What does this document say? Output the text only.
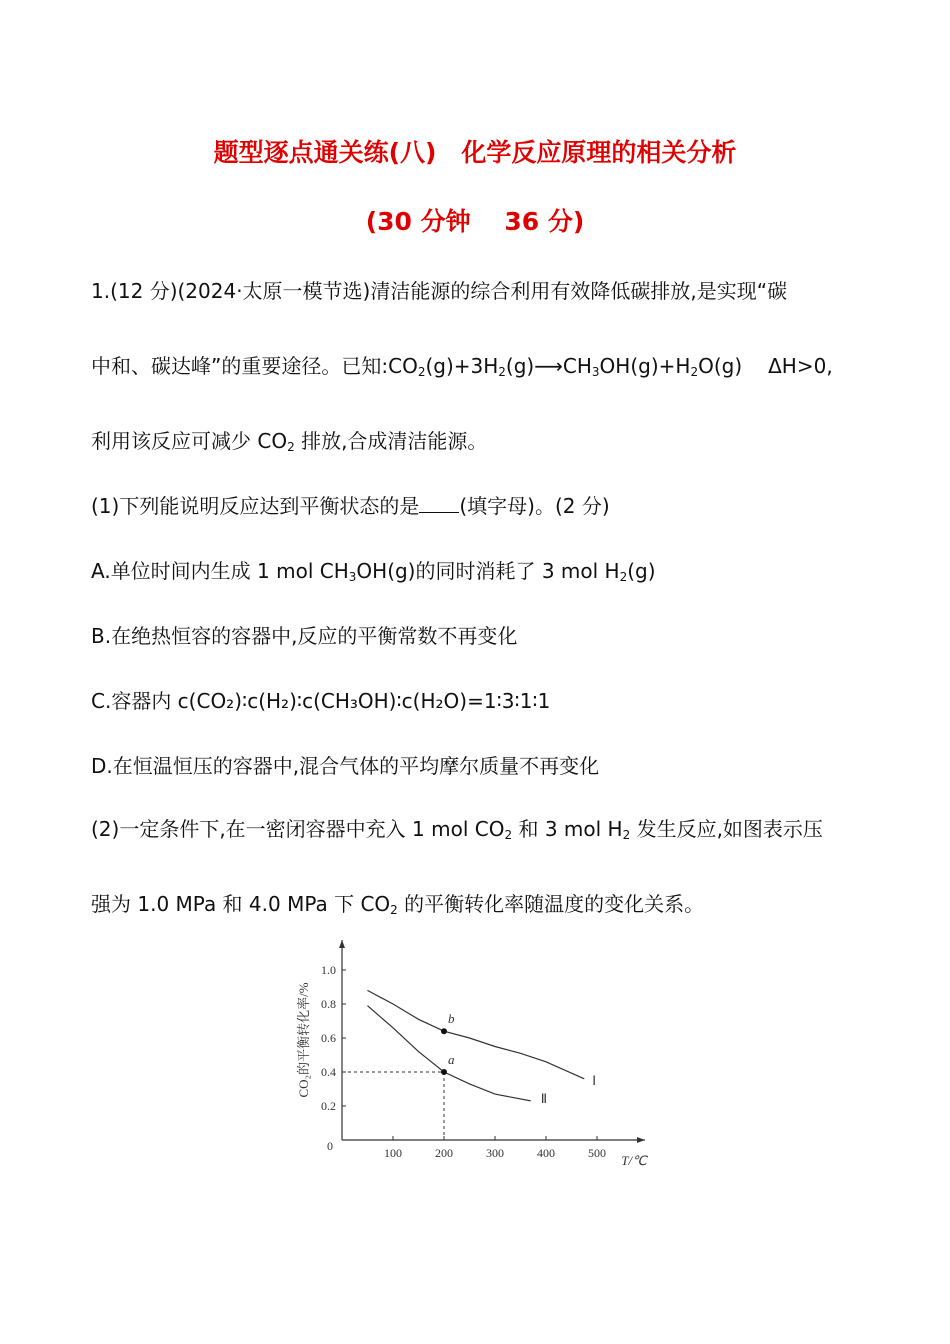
题型逐点通关练(八)　化学反应原理的相关分析
(30 分钟　 36 分)
1.(12 分)(2024·太原一模节选)清洁能源的综合利用有效降低碳排放,是实现“碳
中和、碳达峰”的重要途径。已知$:CO_2(g)+3H_2(g)⟶CH_3OH(g)+H_2O(g)$ ΔH>0,
利用该反应可减少 $CO_2$ 排放,合成清洁能源。
(1)下列能说明反应达到平衡状态的是 (填字母)。(2 分)
A.单位时间内生成 1 mol $CH_3OH(g)$的同时消耗了 3 mol $H_2(g)$
B.在绝热恒容的容器中,反应的平衡常数不再变化
C.容器内 c(CO₂)∶c(H₂)∶c(CH₃OH)∶c(H₂O)=1∶3∶1∶1
D.在恒温恒压的容器中,混合气体的平均摩尔质量不再变化
(2)一定条件下,在一密闭容器中充入 1 mol $CO_2$ 和 3 mol $H_2$ 发生反应,如图表示压
强为 1.0 MPa 和 4.0 MPa 下 $CO_2$ 的平衡转化率随温度的变化关系。
0	100	200	300	400	500 T/℃
0.2
0.4
0.6
0.8
1.0
CO₂的平衡转化率/%	Ⅰ
Ⅱ
b
a
